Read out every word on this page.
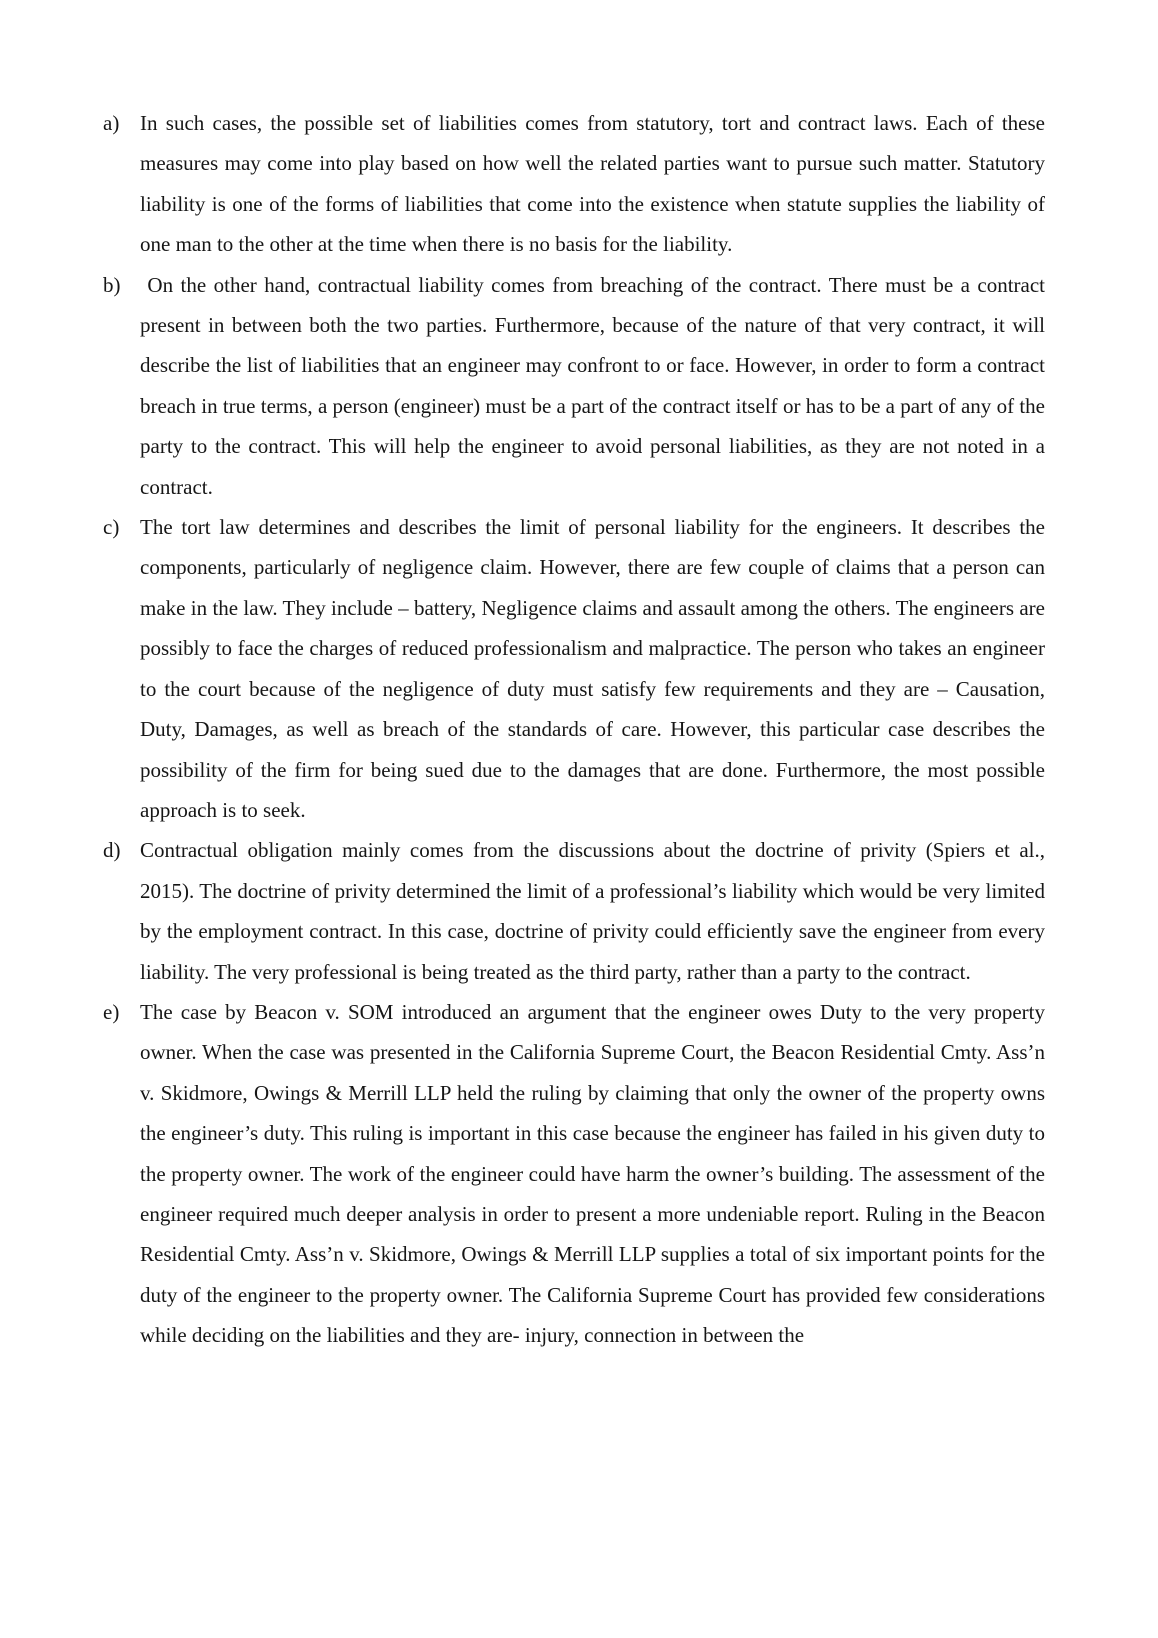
a) In such cases, the possible set of liabilities comes from statutory, tort and contract laws. Each of these measures may come into play based on how well the related parties want to pursue such matter. Statutory liability is one of the forms of liabilities that come into the existence when statute supplies the liability of one man to the other at the time when there is no basis for the liability.
b) On the other hand, contractual liability comes from breaching of the contract. There must be a contract present in between both the two parties. Furthermore, because of the nature of that very contract, it will describe the list of liabilities that an engineer may confront to or face. However, in order to form a contract breach in true terms, a person (engineer) must be a part of the contract itself or has to be a part of any of the party to the contract. This will help the engineer to avoid personal liabilities, as they are not noted in a contract.
c) The tort law determines and describes the limit of personal liability for the engineers. It describes the components, particularly of negligence claim. However, there are few couple of claims that a person can make in the law. They include – battery, Negligence claims and assault among the others. The engineers are possibly to face the charges of reduced professionalism and malpractice. The person who takes an engineer to the court because of the negligence of duty must satisfy few requirements and they are – Causation, Duty, Damages, as well as breach of the standards of care. However, this particular case describes the possibility of the firm for being sued due to the damages that are done. Furthermore, the most possible approach is to seek.
d) Contractual obligation mainly comes from the discussions about the doctrine of privity (Spiers et al., 2015). The doctrine of privity determined the limit of a professional’s liability which would be very limited by the employment contract. In this case, doctrine of privity could efficiently save the engineer from every liability. The very professional is being treated as the third party, rather than a party to the contract.
e) The case by Beacon v. SOM introduced an argument that the engineer owes Duty to the very property owner. When the case was presented in the California Supreme Court, the Beacon Residential Cmty. Ass’n v. Skidmore, Owings & Merrill LLP held the ruling by claiming that only the owner of the property owns the engineer’s duty. This ruling is important in this case because the engineer has failed in his given duty to the property owner. The work of the engineer could have harm the owner’s building. The assessment of the engineer required much deeper analysis in order to present a more undeniable report. Ruling in the Beacon Residential Cmty. Ass’n v. Skidmore, Owings & Merrill LLP supplies a total of six important points for the duty of the engineer to the property owner. The California Supreme Court has provided few considerations while deciding on the liabilities and they are- injury, connection in between the
